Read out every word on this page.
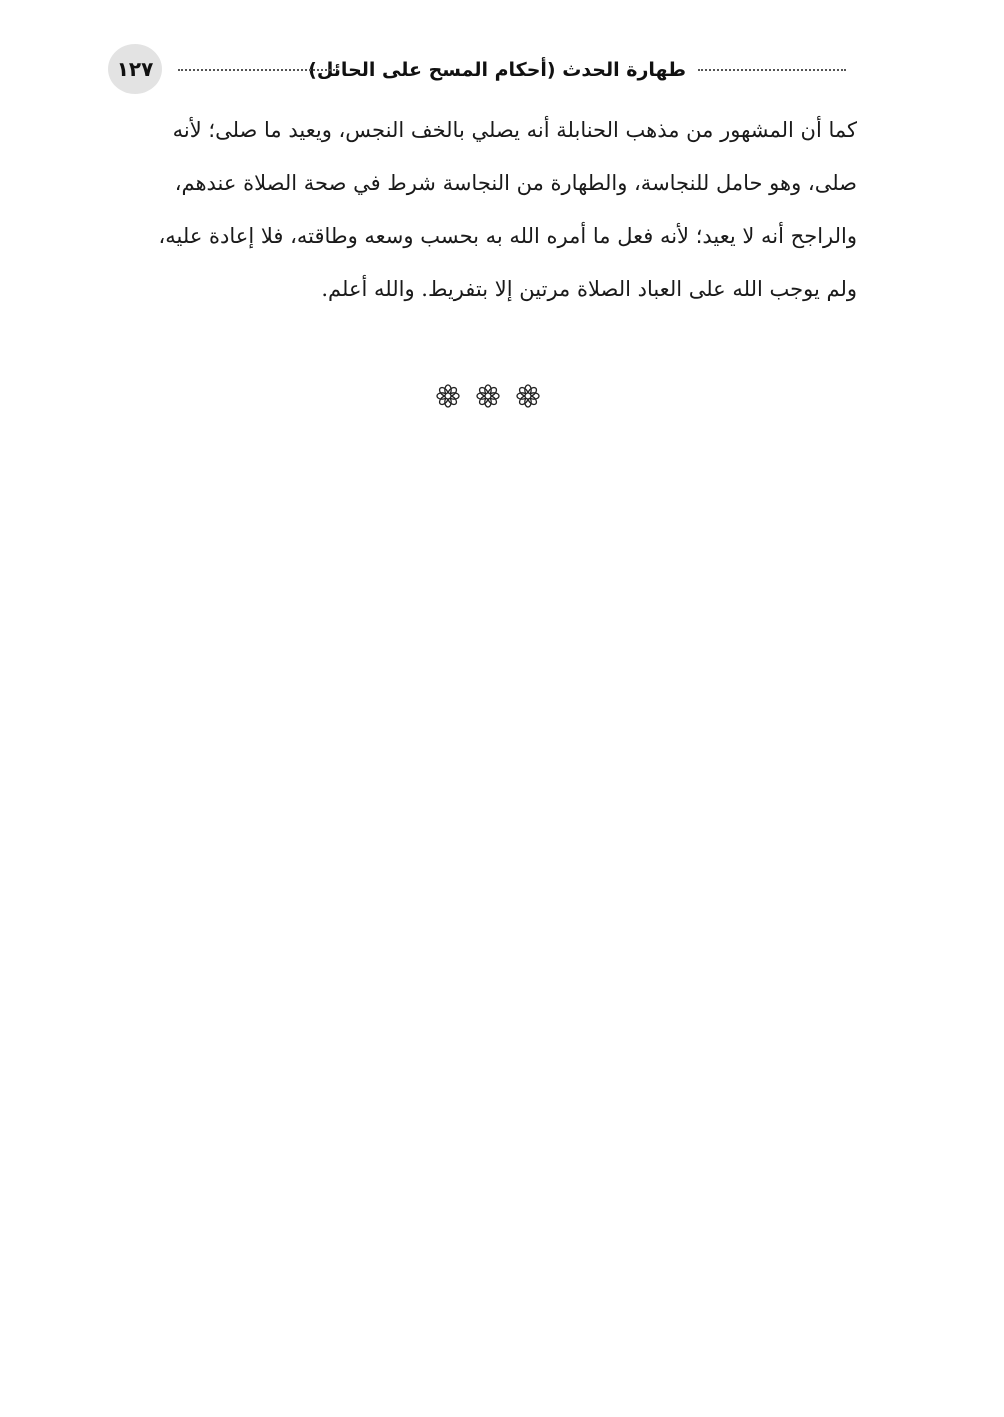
طهارة الحدث (أحكام المسح على الحائل)
١٢٧
كما أن المشهور من مذهب الحنابلة أنه يصلي بالخف النجس، ويعيد ما صلى؛ لأنه
صلى، وهو حامل للنجاسة، والطهارة من النجاسة شرط في صحة الصلاة عندهم،
والراجح أنه لا يعيد؛ لأنه فعل ما أمره الله به بحسب وسعه وطاقته، فلا إعادة عليه،
ولم يوجب الله على العباد الصلاة مرتين إلا بتفريط. والله أعلم.
